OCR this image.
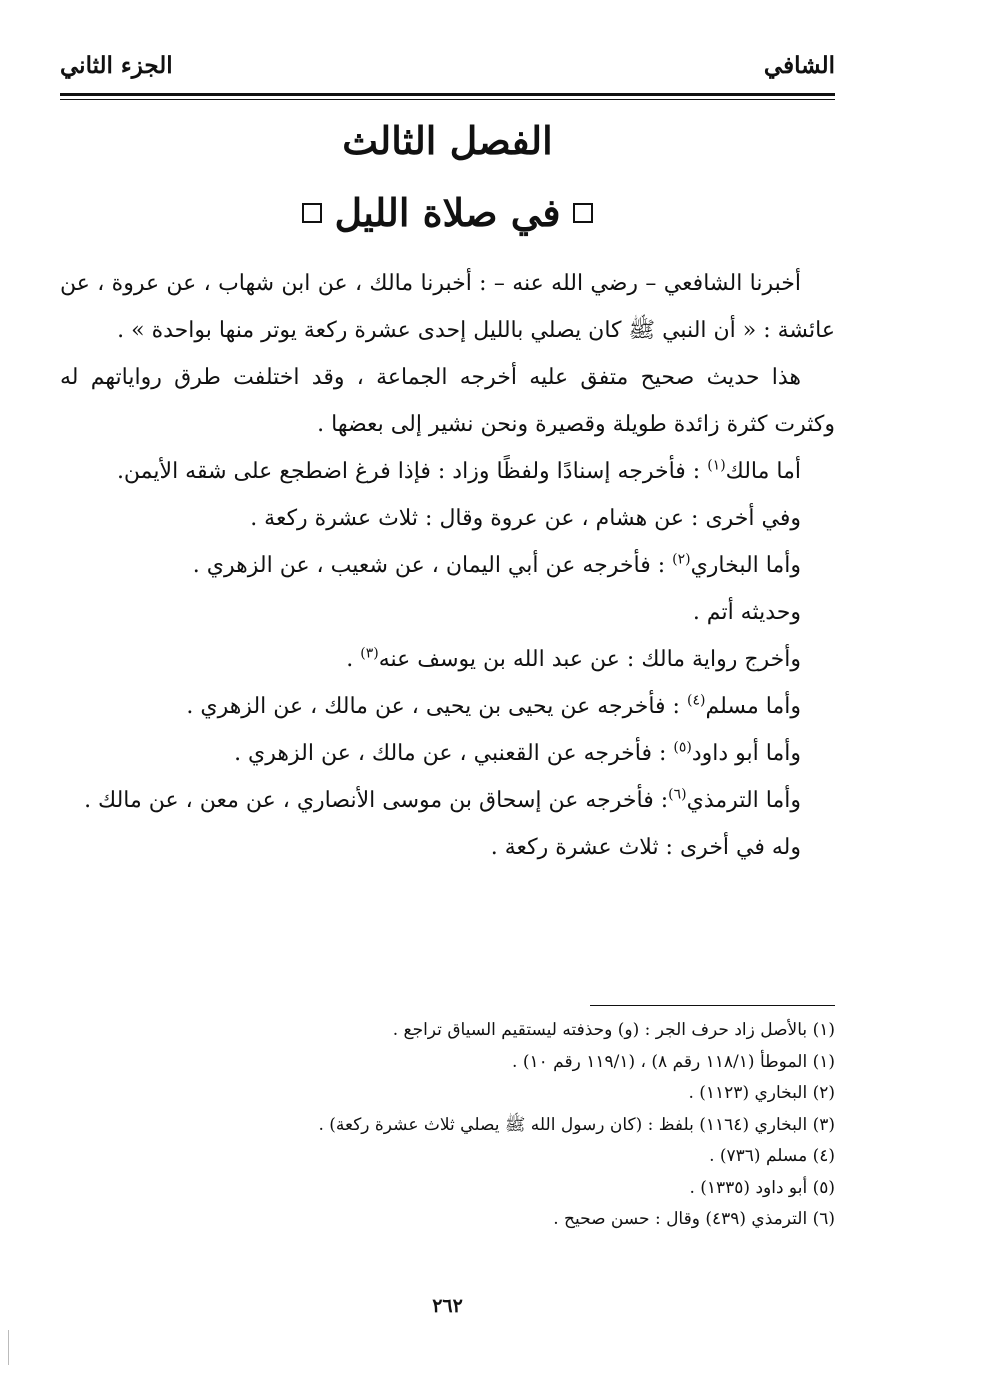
الشافي
الجزء الثاني
الفصل الثالث
في صلاة الليل

أخبرنا الشافعي – رضي الله عنه – : أخبرنا مالك ، عن ابن شهاب ، عن عروة ، عن عائشة : « أن النبي ﷺ كان يصلي بالليل إحدى عشرة ركعة يوتر منها بواحدة » .

هذا حديث صحيح متفق عليه أخرجه الجماعة ، وقد اختلفت طرق رواياتهم له وكثرت كثرة زائدة طويلة وقصيرة ونحن نشير إلى بعضها .

أما مالك$^{(١)}$ : فأخرجه إسنادًا ولفظًا وزاد : فإذا فرغ اضطجع على شقه الأيمن.

وفي أخرى : عن هشام ، عن عروة وقال : ثلاث عشرة ركعة .

وأما البخاري$^{(٢)}$ : فأخرجه عن أبي اليمان ، عن شعيب ، عن الزهري .

وحديثه أتم .

وأخرج رواية مالك : عن عبد الله بن يوسف عنه$^{(٣)}$ .

وأما مسلم$^{(٤)}$ : فأخرجه عن يحيى بن يحيى ، عن مالك ، عن الزهري .

وأما أبو داود$^{(٥)}$ : فأخرجه عن القعنبي ، عن مالك ، عن الزهري .

وأما الترمذي$^{(٦)}$: فأخرجه عن إسحاق بن موسى الأنصاري ، عن معن ، عن مالك .

وله في أخرى : ثلاث عشرة ركعة .

(١) بالأصل زاد حرف الجر : (و) وحذفته ليستقيم السياق تراجع .

(١) الموطأ (١١٨/١ رقم ٨) ، (١١٩/١ رقم ١٠) .

(٢) البخاري (١١٢٣) .

(٣) البخاري (١١٦٤) بلفظ : (كان رسول الله ﷺ يصلي ثلاث عشرة ركعة) .

(٤) مسلم (٧٣٦) .

(٥) أبو داود (١٣٣٥) .

(٦) الترمذي (٤٣٩) وقال : حسن صحيح .

٢٦٢
